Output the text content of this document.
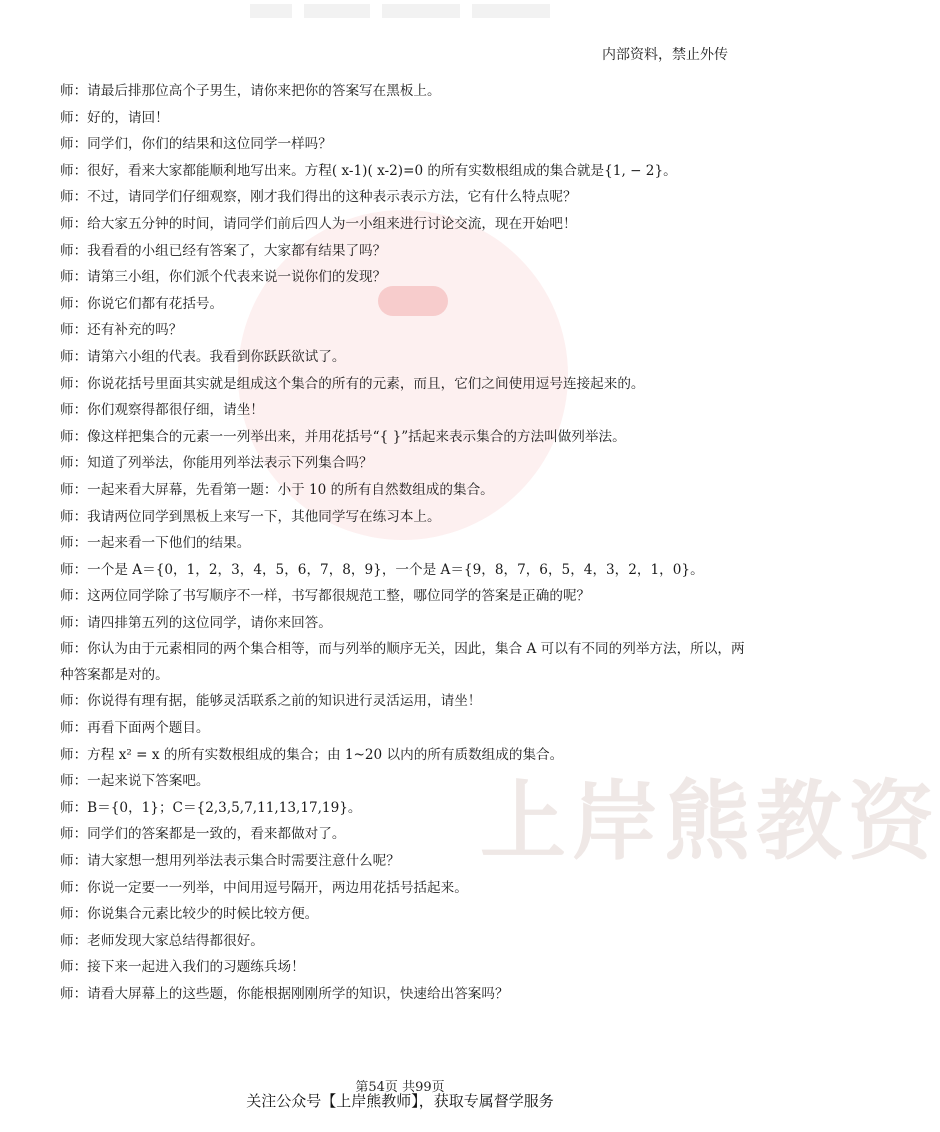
内部资料，禁止外传
上岸熊教资
师：请最后排那位高个子男生，请你来把你的答案写在黑板上。
师：好的，请回！
师：同学们，你们的结果和这位同学一样吗？
师：很好，看来大家都能顺利地写出来。方程( x-1)( x-2)=0 的所有实数根组成的集合就是{1, − 2}。
师：不过，请同学们仔细观察，刚才我们得出的这种表示表示方法，它有什么特点呢？
师：给大家五分钟的时间，请同学们前后四人为一小组来进行讨论交流，现在开始吧！
师：我看看的小组已经有答案了，大家都有结果了吗？
师：请第三小组，你们派个代表来说一说你们的发现？
师：你说它们都有花括号。
师：还有补充的吗？
师：请第六小组的代表。我看到你跃跃欲试了。
师：你说花括号里面其实就是组成这个集合的所有的元素，而且，它们之间使用逗号连接起来的。
师：你们观察得都很仔细，请坐！
师：像这样把集合的元素一一列举出来，并用花括号“{ }”括起来表示集合的方法叫做列举法。
师：知道了列举法，你能用列举法表示下列集合吗？
师：一起来看大屏幕，先看第一题：小于 10 的所有自然数组成的集合。
师：我请两位同学到黑板上来写一下，其他同学写在练习本上。
师：一起来看一下他们的结果。
师：一个是 A＝{0，1，2，3，4，5，6，7，8，9}，一个是 A＝{9，8，7，6，5，4，3，2，1，0}。
师：这两位同学除了书写顺序不一样，书写都很规范工整，哪位同学的答案是正确的呢？
师：请四排第五列的这位同学，请你来回答。
师：你认为由于元素相同的两个集合相等，而与列举的顺序无关，因此，集合 A 可以有不同的列举方法，所以，两种答案都是对的。
师：你说得有理有据，能够灵活联系之前的知识进行灵活运用，请坐！
师：再看下面两个题目。
师：方程 x² = x 的所有实数根组成的集合；由 1~20 以内的所有质数组成的集合。
师：一起来说下答案吧。
师：B＝{0，1}；C＝{2,3,5,7,11,13,17,19}。
师：同学们的答案都是一致的，看来都做对了。
师：请大家想一想用列举法表示集合时需要注意什么呢？
师：你说一定要一一列举，中间用逗号隔开，两边用花括号括起来。
师：你说集合元素比较少的时候比较方便。
师：老师发现大家总结得都很好。
师：接下来一起进入我们的习题练兵场！
师：请看大屏幕上的这些题，你能根据刚刚所学的知识，快速给出答案吗？
第54页 共99页
关注公众号【上岸熊教师】，获取专属督学服务
